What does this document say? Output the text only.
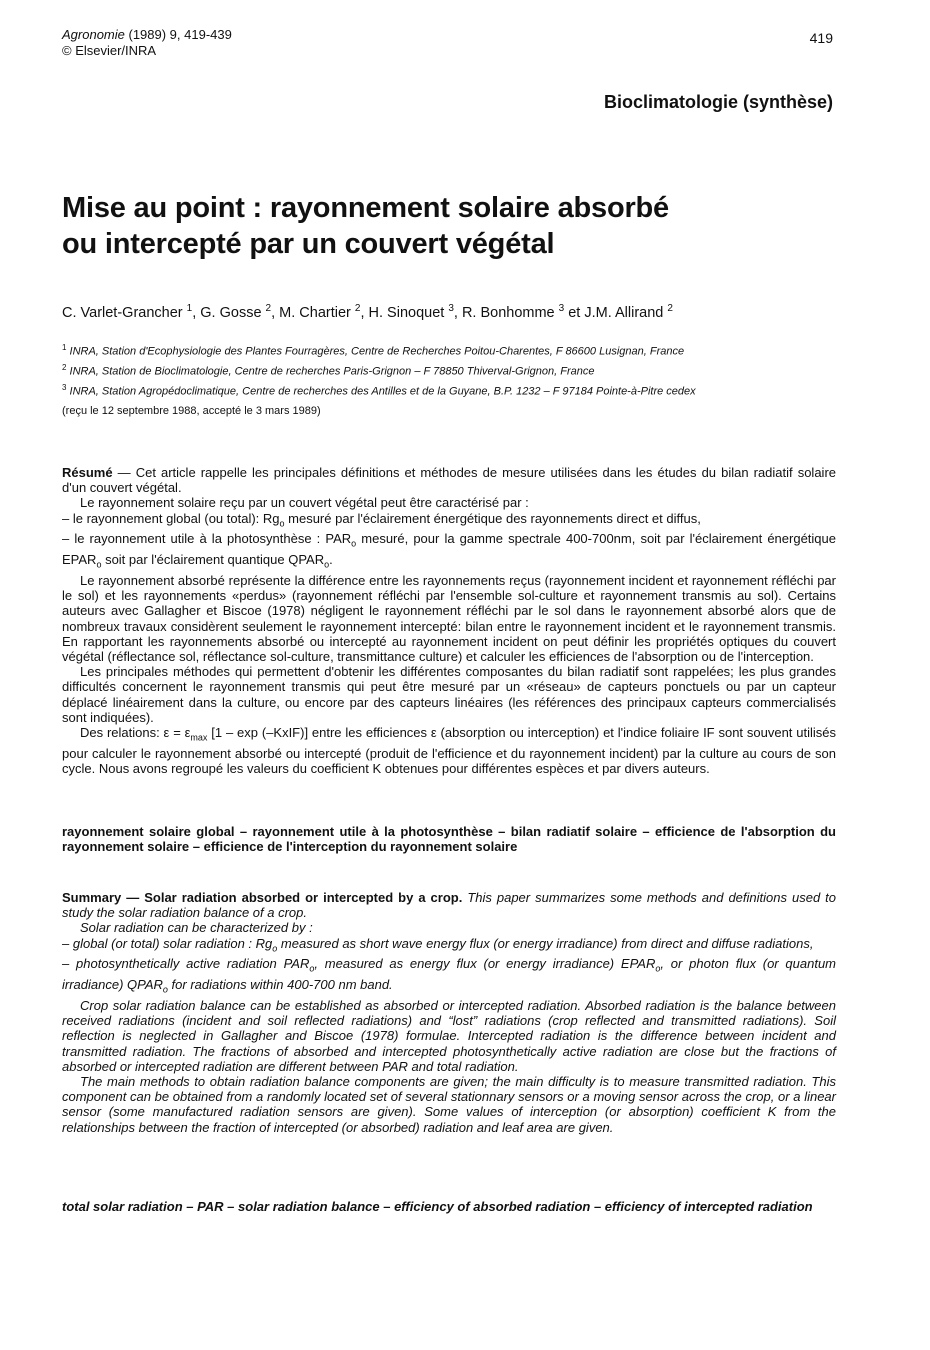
Agronomie (1989) 9, 419-439
© Elsevier/INRA
419
Bioclimatologie (synthèse)
Mise au point : rayonnement solaire absorbé
ou intercepté par un couvert végétal
C. Varlet-Grancher $^1$, G. Gosse $^2$, M. Chartier $^2$, H. Sinoquet $^3$, R. Bonhomme $^3$ et J.M. Allirand $^2$
$^1$ INRA, Station d'Ecophysiologie des Plantes Fourragères, Centre de Recherches Poitou-Charentes, F 86600 Lusignan, France
$^2$ INRA, Station de Bioclimatologie, Centre de recherches Paris-Grignon – F 78850 Thiverval-Grignon, France
$^3$ INRA, Station Agropédoclimatique, Centre de recherches des Antilles et de la Guyane, B.P. 1232 – F 97184 Pointe-à-Pitre cedex
(reçu le 12 septembre 1988, accepté le 3 mars 1989)

Résumé — Cet article rappelle les principales définitions et méthodes de mesure utilisées dans les études du bilan radiatif solaire d'un couvert végétal.

Le rayonnement solaire reçu par un couvert végétal peut être caractérisé par :

– le rayonnement global (ou total): $Rg_o$ mesuré par l'éclairement énergétique des rayonnements direct et diffus,

– le rayonnement utile à la photosynthèse : $PAR_o$ mesuré, pour la gamme spectrale 400-700nm, soit par l'éclairement énergétique $EPAR_o$ soit par l'éclairement quantique $QPAR_o$.

Le rayonnement absorbé représente la différence entre les rayonnements reçus (rayonnement incident et rayonnement réfléchi par le sol) et les rayonnements «perdus» (rayonnement réfléchi par l'ensemble sol-culture et rayonnement transmis au sol). Certains auteurs avec Gallagher et Biscoe (1978) négligent le rayonnement réfléchi par le sol dans le rayonnement absorbé alors que de nombreux travaux considèrent seulement le rayonnement intercepté: bilan entre le rayonnement incident et le rayonnement transmis. En rapportant les rayonnements absorbé ou intercepté au rayonnement incident on peut définir les propriétés optiques du couvert végétal (réflectance sol, réflectance sol-culture, transmittance culture) et calculer les efficiences de l'absorption ou de l'interception.

Les principales méthodes qui permettent d'obtenir les différentes composantes du bilan radiatif sont rappelées; les plus grandes difficultés concernent le rayonnement transmis qui peut être mesuré par un «réseau» de capteurs ponctuels ou par un capteur déplacé linéairement dans la culture, ou encore par des capteurs linéaires (les références des principaux capteurs commercialisés sont indiquées).

Des relations: $\varepsilon = \varepsilon_{max}$ [1 – exp (–KxIF)] entre les efficiences ε (absorption ou interception) et l'indice foliaire IF sont souvent utilisés pour calculer le rayonnement absorbé ou intercepté (produit de l'efficience et du rayonnement incident) par la culture au cours de son cycle. Nous avons regroupé les valeurs du coefficient K obtenues pour différentes espèces et par divers auteurs.

rayonnement solaire global – rayonnement utile à la photosynthèse – bilan radiatif solaire – efficience de l'absorption du rayonnement solaire – efficience de l'interception du rayonnement solaire

Summary — Solar radiation absorbed or intercepted by a crop. This paper summarizes some methods and definitions used to study the solar radiation balance of a crop.

Solar radiation can be characterized by :

– global (or total) solar radiation : $Rg_o$ measured as short wave energy flux (or energy irradiance) from direct and diffuse radiations,

– photosynthetically active radiation $PAR_o$, measured as energy flux (or energy irradiance) $EPAR_o$, or photon flux (or quantum irradiance) $QPAR_o$ for radiations within 400-700 nm band.

Crop solar radiation balance can be established as absorbed or intercepted radiation. Absorbed radiation is the balance between received radiations (incident and soil reflected radiations) and “lost” radiations (crop reflected and transmitted radiations). Soil reflection is neglected in Gallagher and Biscoe (1978) formulae. Intercepted radiation is the difference between incident and transmitted radiation. The fractions of absorbed and intercepted photosynthetically active radiation are close but the fractions of absorbed or intercepted radiation are different between PAR and total radiation.

The main methods to obtain radiation balance components are given; the main difficulty is to measure transmitted radiation. This component can be obtained from a randomly located set of several stationnary sensors or a moving sensor across the crop, or a linear sensor (some manufactured radiation sensors are given). Some values of interception (or absorption) coefficient K from the relationships between the fraction of intercepted (or absorbed) radiation and leaf area are given.

total solar radiation – PAR – solar radiation balance – efficiency of absorbed radiation – efficiency of intercepted radiation
